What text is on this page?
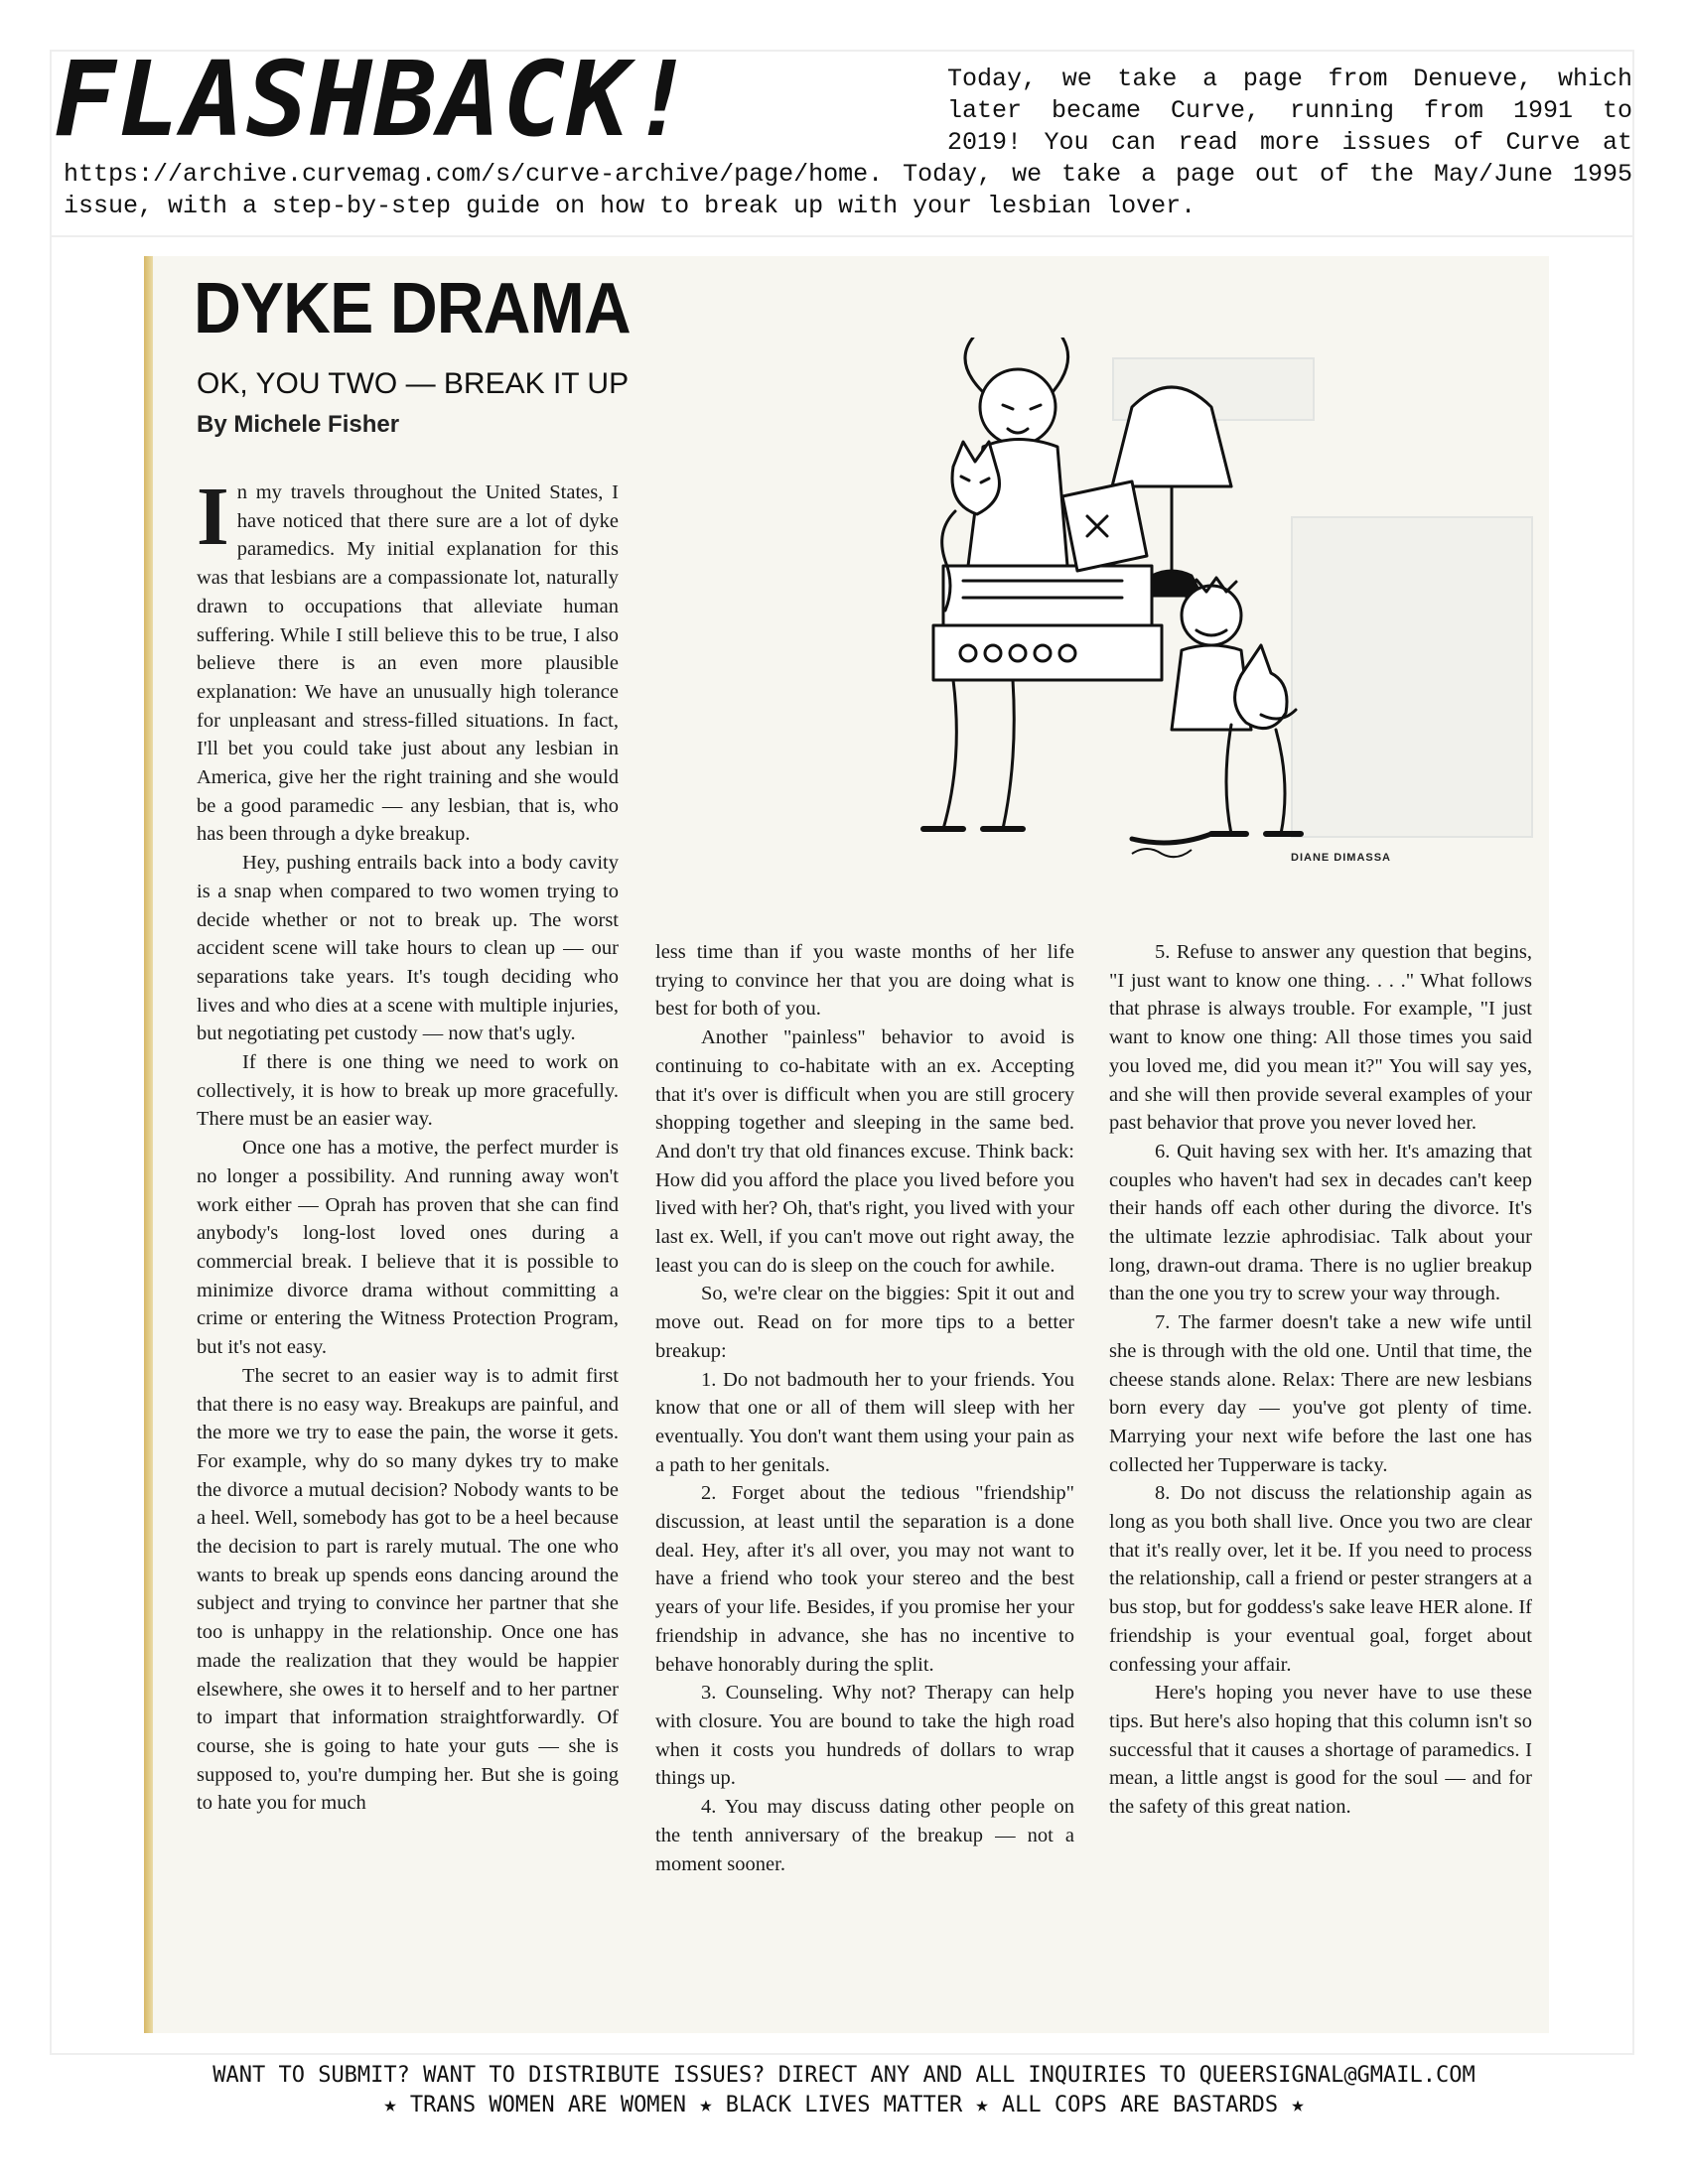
FLASHBACK!	Today, we take a page from Denueve, which later became Curve, running from 1991 to 2019! You can read more issues of Curve at https://archive.curvemag.com/s/curve-archive/page/home. Today, we take a page out of the May/June 1995 issue, with a step-by-step guide on how to break up with your lesbian lover.

DYKE DRAMA
OK, YOU TWO — BREAK IT UP
By Michele Fisher
DIANE DIMASSA

In my travels throughout the United States, I have noticed that there sure are a lot of dyke paramedics. My initial explanation for this was that lesbians are a compassionate lot, naturally drawn to occupations that alleviate human suffering. While I still believe this to be true, I also believe there is an even more plausible explanation: We have an unusually high tolerance for unpleasant and stress-filled situations. In fact, I'll bet you could take just about any lesbian in America, give her the right training and she would be a good paramedic — any lesbian, that is, who has been through a dyke breakup.

Hey, pushing entrails back into a body cavity is a snap when compared to two women trying to decide whether or not to break up. The worst accident scene will take hours to clean up — our separations take years. It's tough deciding who lives and who dies at a scene with multiple injuries, but negotiating pet custody — now that's ugly.

If there is one thing we need to work on collectively, it is how to break up more gracefully. There must be an easier way.

Once one has a motive, the perfect murder is no longer a possibility. And running away won't work either — Oprah has proven that she can find anybody's long-lost loved ones during a commercial break. I believe that it is possible to minimize divorce drama without committing a crime or entering the Witness Protection Program, but it's not easy.

The secret to an easier way is to admit first that there is no easy way. Breakups are painful, and the more we try to ease the pain, the worse it gets. For example, why do so many dykes try to make the divorce a mutual decision? Nobody wants to be a heel. Well, somebody has got to be a heel because the decision to part is rarely mutual. The one who wants to break up spends eons dancing around the subject and trying to convince her partner that she too is unhappy in the relationship. Once one has made the realization that they would be happier elsewhere, she owes it to herself and to her partner to impart that information straightforwardly. Of course, she is going to hate your guts — she is supposed to, you're dumping her. But she is going to hate you for much

less time than if you waste months of her life trying to convince her that you are doing what is best for both of you.

Another "painless" behavior to avoid is continuing to co-habitate with an ex. Accepting that it's over is difficult when you are still grocery shopping together and sleeping in the same bed. And don't try that old finances excuse. Think back: How did you afford the place you lived before you lived with her? Oh, that's right, you lived with your last ex. Well, if you can't move out right away, the least you can do is sleep on the couch for awhile.

So, we're clear on the biggies: Spit it out and move out. Read on for more tips to a better breakup:

1. Do not badmouth her to your friends. You know that one or all of them will sleep with her eventually. You don't want them using your pain as a path to her genitals.

2. Forget about the tedious "friendship" discussion, at least until the separation is a done deal. Hey, after it's all over, you may not want to have a friend who took your stereo and the best years of your life. Besides, if you promise her your friendship in advance, she has no incentive to behave honorably during the split.

3. Counseling. Why not? Therapy can help with closure. You are bound to take the high road when it costs you hundreds of dollars to wrap things up.

4. You may discuss dating other people on the tenth anniversary of the breakup — not a moment sooner.

5. Refuse to answer any question that begins, "I just want to know one thing. . . ." What follows that phrase is always trouble. For example, "I just want to know one thing: All those times you said you loved me, did you mean it?" You will say yes, and she will then provide several examples of your past behavior that prove you never loved her.

6. Quit having sex with her. It's amazing that couples who haven't had sex in decades can't keep their hands off each other during the divorce. It's the ultimate lezzie aphrodisiac. Talk about your long, drawn-out drama. There is no uglier breakup than the one you try to screw your way through.

7. The farmer doesn't take a new wife until she is through with the old one. Until that time, the cheese stands alone. Relax: There are new lesbians born every day — you've got plenty of time. Marrying your next wife before the last one has collected her Tupperware is tacky.

8. Do not discuss the relationship again as long as you both shall live. Once you two are clear that it's really over, let it be. If you need to process the relationship, call a friend or pester strangers at a bus stop, but for goddess's sake leave HER alone. If friendship is your eventual goal, forget about confessing your affair.

Here's hoping you never have to use these tips. But here's also hoping that this column isn't so successful that it causes a shortage of paramedics. I mean, a little angst is good for the soul — and for the safety of this great nation.

WANT TO SUBMIT? WANT TO DISTRIBUTE ISSUES? DIRECT ANY AND ALL INQUIRIES TO QUEERSIGNAL@GMAIL.COM
★ TRANS WOMEN ARE WOMEN ★ BLACK LIVES MATTER ★ ALL COPS ARE BASTARDS ★
